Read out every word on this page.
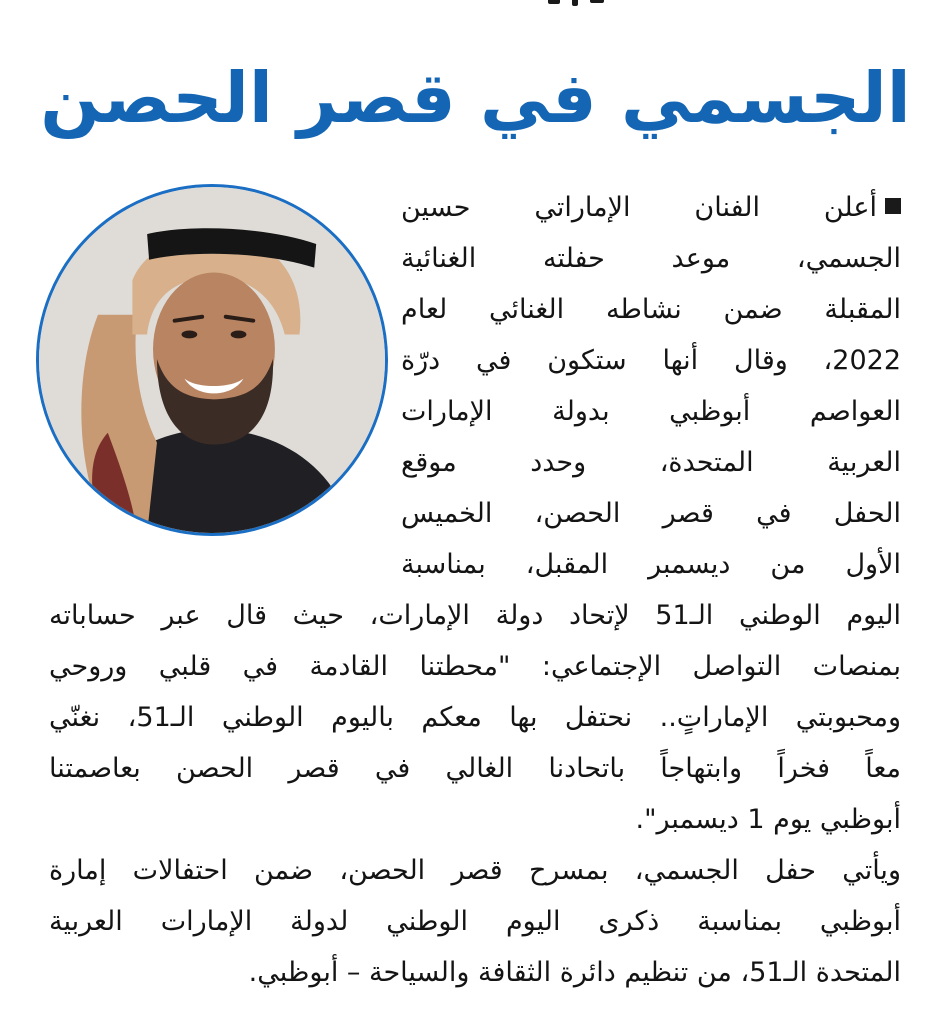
الجسمي في قصر الحصن
أعلن الفنان الإماراتي حسين
الجسمي، موعد حفلته الغنائية
المقبلة ضمن نشاطه الغنائي لعام
2022، وقال أنها ستكون في درّة
العواصم أبوظبي بدولة الإمارات
العربية المتحدة، وحدد موقع
الحفل في قصر الحصن، الخميس
الأول من ديسمبر المقبل، بمناسبة
اليوم الوطني الـ51 لإتحاد دولة الإمارات، حيث قال عبر حساباته
بمنصات التواصل الإجتماعي: "محطتنا القادمة في قلبي وروحي
ومحبوبتي الإماراتٍ.. نحتفل بها معكم باليوم الوطني الـ51، نغنّي
معاً فخراً وابتهاجاً باتحادنا الغالي في قصر الحصن بعاصمتنا
أبوظبي يوم 1 ديسمبر".
ويأتي حفل الجسمي، بمسرح قصر الحصن، ضمن احتفالات إمارة
أبوظبي بمناسبة ذكرى اليوم الوطني لدولة الإمارات العربية
المتحدة الـ51، من تنظيم دائرة الثقافة والسياحة – أبوظبي.
